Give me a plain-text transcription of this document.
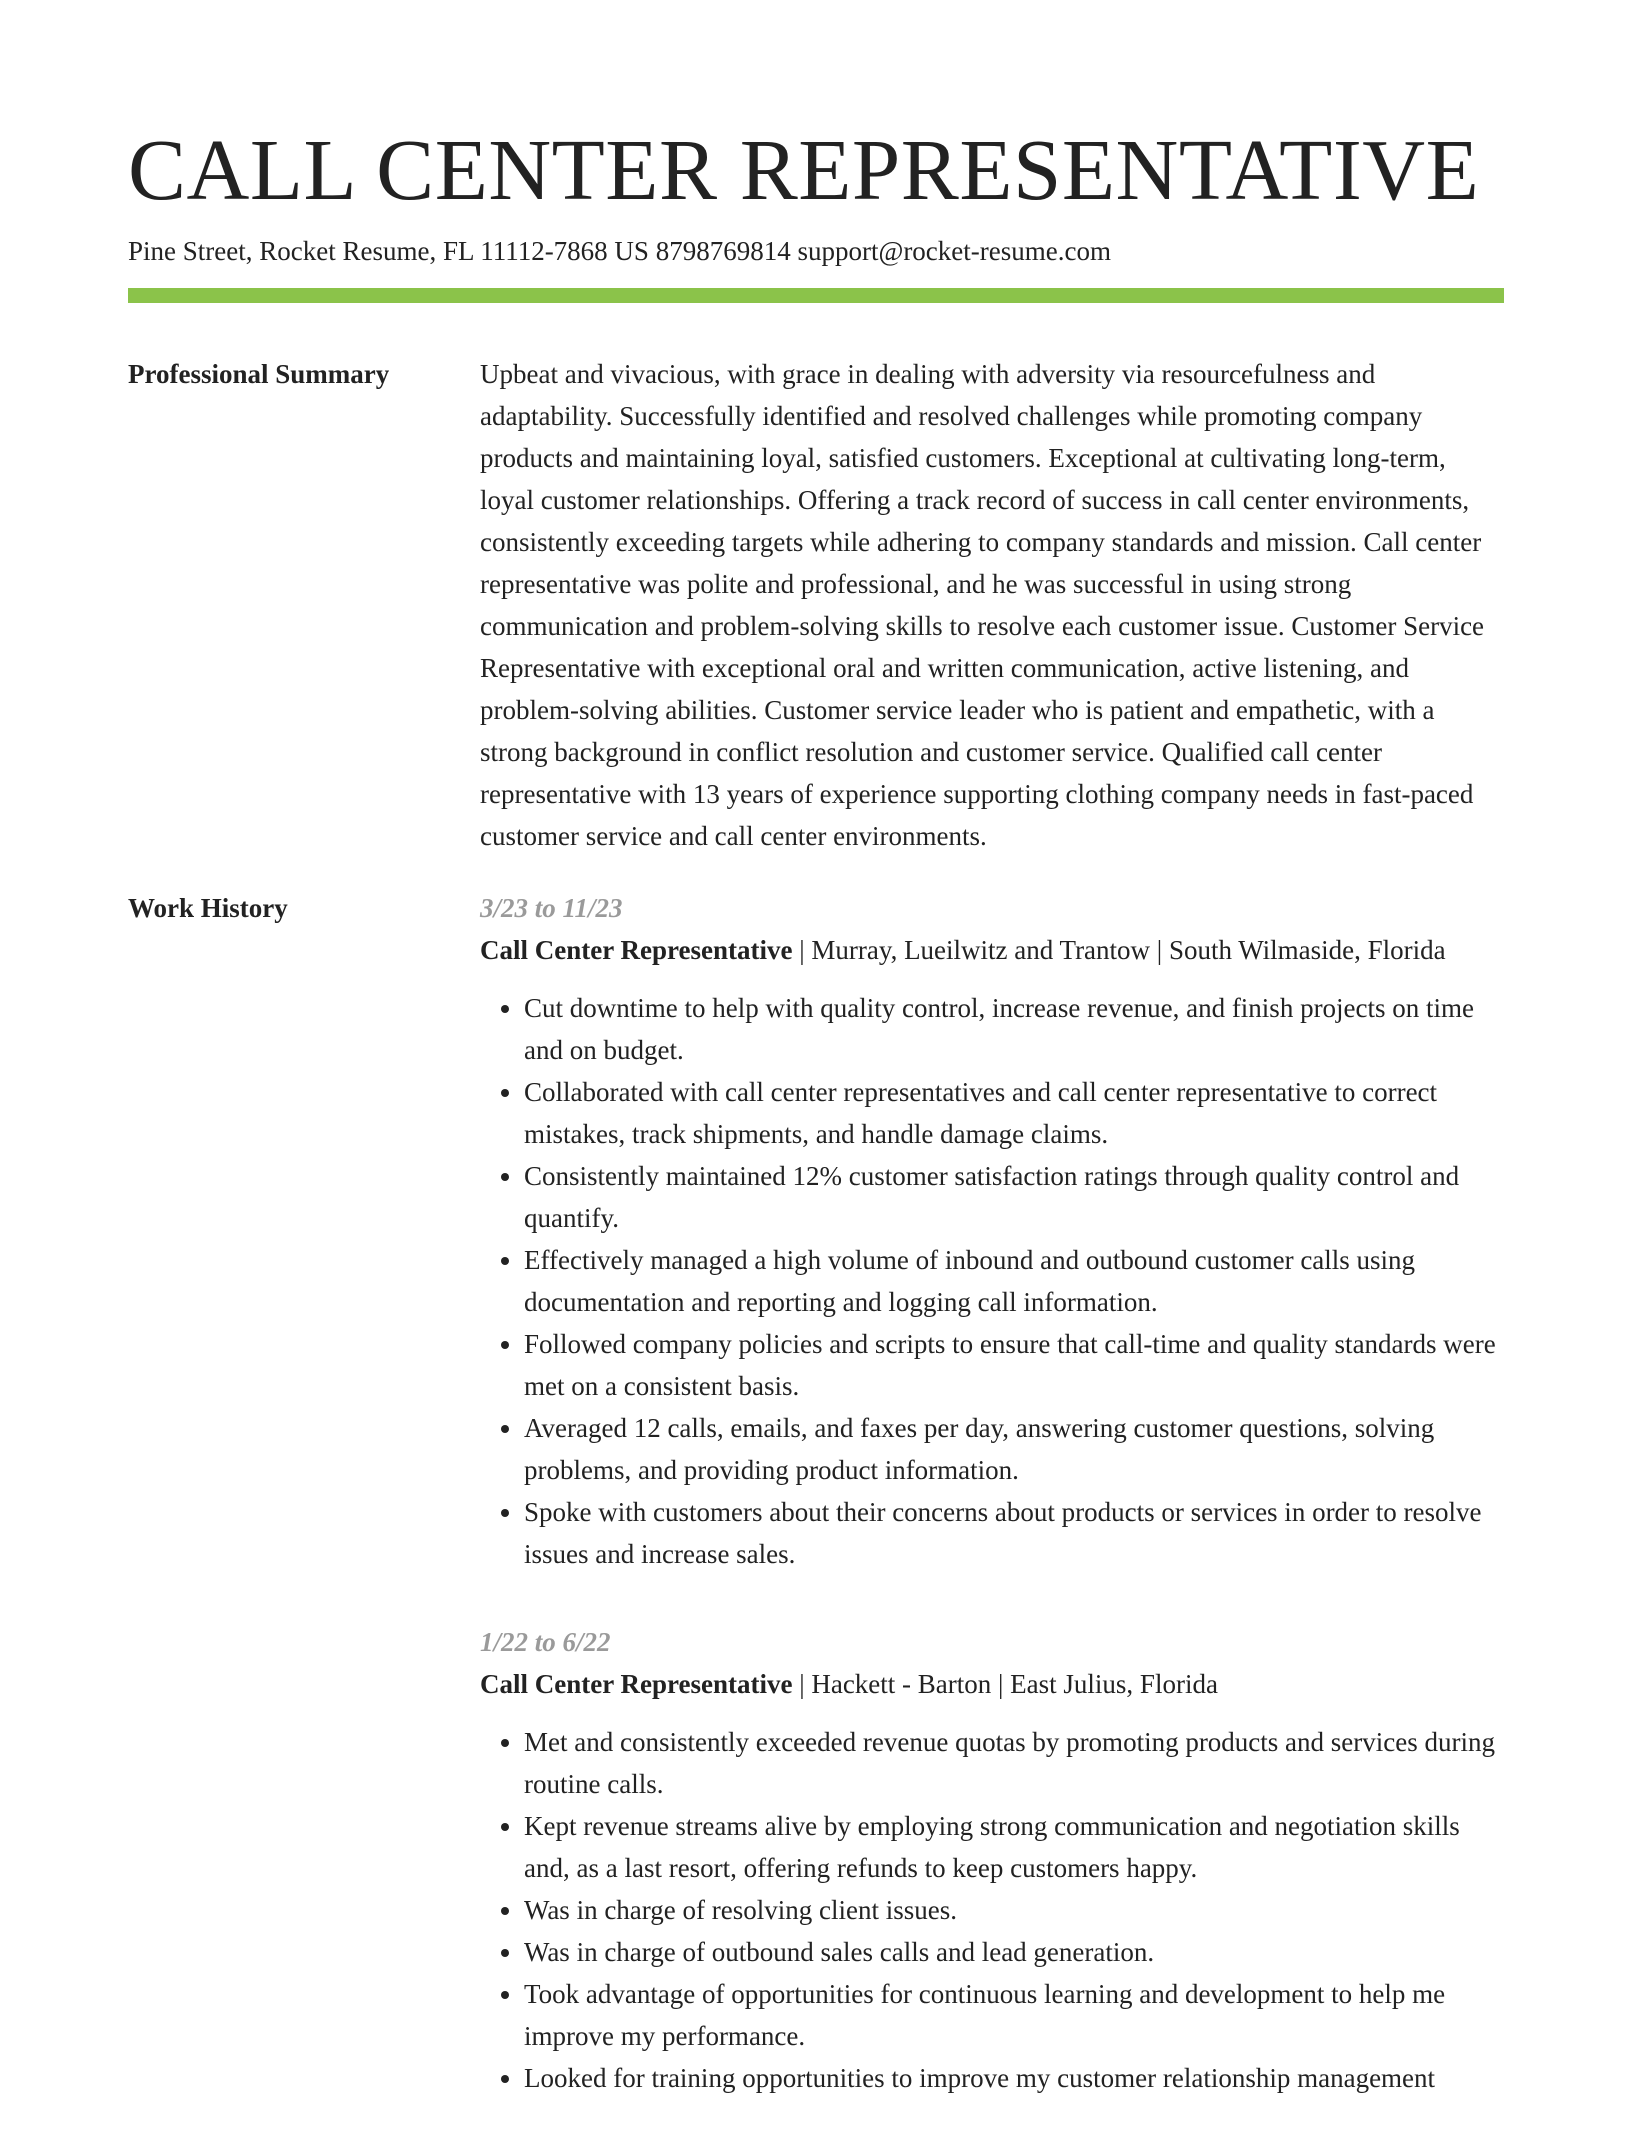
CALL CENTER REPRESENTATIVE
Pine Street, Rocket Resume, FL 11112-7868 US 8798769814 support@rocket-resume.com
Professional Summary	Upbeat and vivacious, with grace in dealing with adversity via resourcefulness and adaptability. Successfully identified and resolved challenges while promoting company products and maintaining loyal, satisfied customers. Exceptional at cultivating long-term, loyal customer relationships. Offering a track record of success in call center environments, consistently exceeding targets while adhering to company standards and mission. Call center representative was polite and professional, and he was successful in using strong communication and problem-solving skills to resolve each customer issue. Customer Service Representative with exceptional oral and written communication, active listening, and problem-solving abilities. Customer service leader who is patient and empathetic, with a strong background in conflict resolution and customer service. Qualified call center representative with 13 years of experience supporting clothing company needs in fast-paced customer service and call center environments.

Work History	3/23 to 11/23
Call Center Representative | Murray, Lueilwitz and Trantow | South Wilmaside, Florida
• Cut downtime to help with quality control, increase revenue, and finish projects on time and on budget.
• Collaborated with call center representatives and call center representative to correct mistakes, track shipments, and handle damage claims.
• Consistently maintained 12% customer satisfaction ratings through quality control and quantify.
• Effectively managed a high volume of inbound and outbound customer calls using documentation and reporting and logging call information.
• Followed company policies and scripts to ensure that call-time and quality standards were met on a consistent basis.
• Averaged 12 calls, emails, and faxes per day, answering customer questions, solving problems, and providing product information.
• Spoke with customers about their concerns about products or services in order to resolve issues and increase sales.
1/22 to 6/22
Call Center Representative | Hackett - Barton | East Julius, Florida
• Met and consistently exceeded revenue quotas by promoting products and services during routine calls.
• Kept revenue streams alive by employing strong communication and negotiation skills and, as a last resort, offering refunds to keep customers happy.
• Was in charge of resolving client issues.
• Was in charge of outbound sales calls and lead generation.
• Took advantage of opportunities for continuous learning and development to help me improve my performance.
• Looked for training opportunities to improve my customer relationship management
